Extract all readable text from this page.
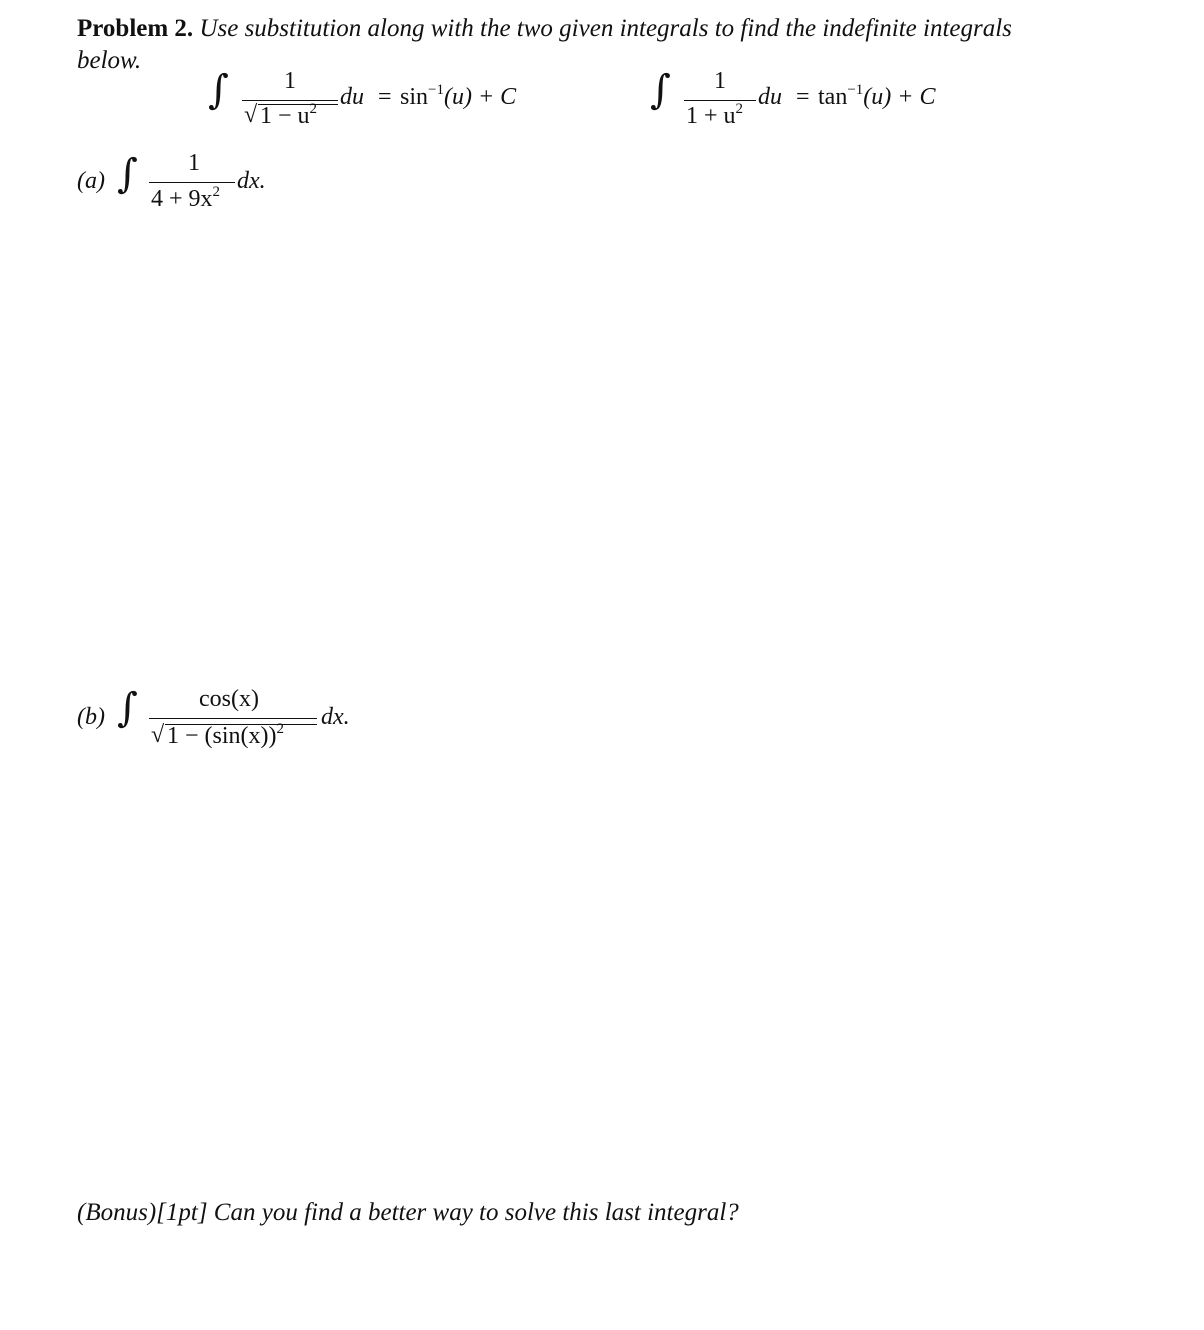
Problem 2. Use substitution along with the two given integrals to find the indefinite integrals
below.
∫ 1
√ $1 - u^2$ du = $\sin^{-1}(u) + C$	∫ 1
$1 + u^2$ du = $\tan^{-1}(u) + C$
(a) ∫ 1
$4 + 9x^2$ dx.
(b) ∫	cos(x)
√ $1 - (\sin(x))^2$ dx.
(Bonus)[1pt] Can you find a better way to solve this last integral?
